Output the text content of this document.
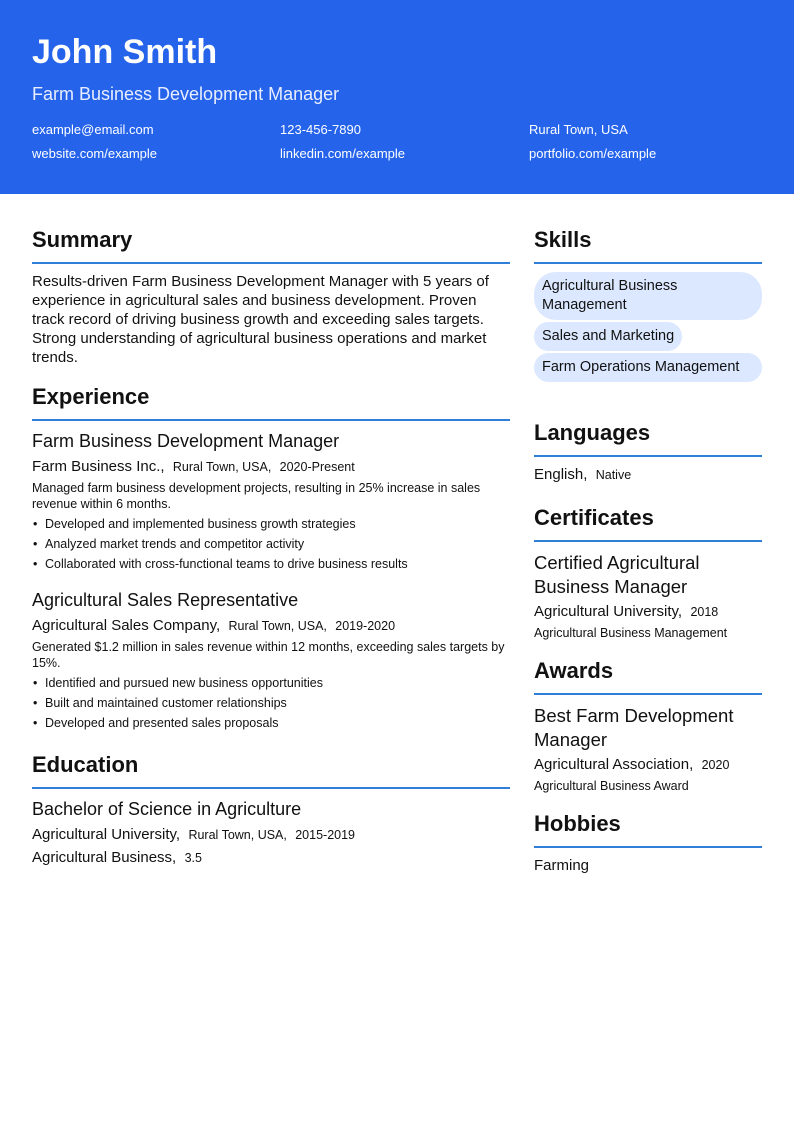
John Smith
Farm Business Development Manager
example@email.com	123-456-7890	Rural Town, USA
website.com/example	linkedin.com/example	portfolio.com/example
Summary
Results-driven Farm Business Development Manager with 5 years of experience in agricultural sales and business development. Proven track record of driving business growth and exceeding sales targets. Strong understanding of agricultural business operations and market trends.
Experience
Farm Business Development Manager
Farm Business Inc., Rural Town, USA, 2020-Present
Managed farm business development projects, resulting in 25% increase in sales revenue within 6 months.
• Developed and implemented business growth strategies
• Analyzed market trends and competitor activity
• Collaborated with cross-functional teams to drive business results
Agricultural Sales Representative
Agricultural Sales Company, Rural Town, USA, 2019-2020
Generated $1.2 million in sales revenue within 12 months, exceeding sales targets by 15%.
• Identified and pursued new business opportunities
• Built and maintained customer relationships
• Developed and presented sales proposals
Education
Bachelor of Science in Agriculture
Agricultural University, Rural Town, USA, 2015-2019
Agricultural Business, 3.5
Skills
Agricultural Business Management
Sales and Marketing
Farm Operations Management
Languages
English, Native
Certificates
Certified Agricultural Business Manager
Agricultural University, 2018
Agricultural Business Management
Awards
Best Farm Development Manager
Agricultural Association, 2020
Agricultural Business Award
Hobbies
Farming
